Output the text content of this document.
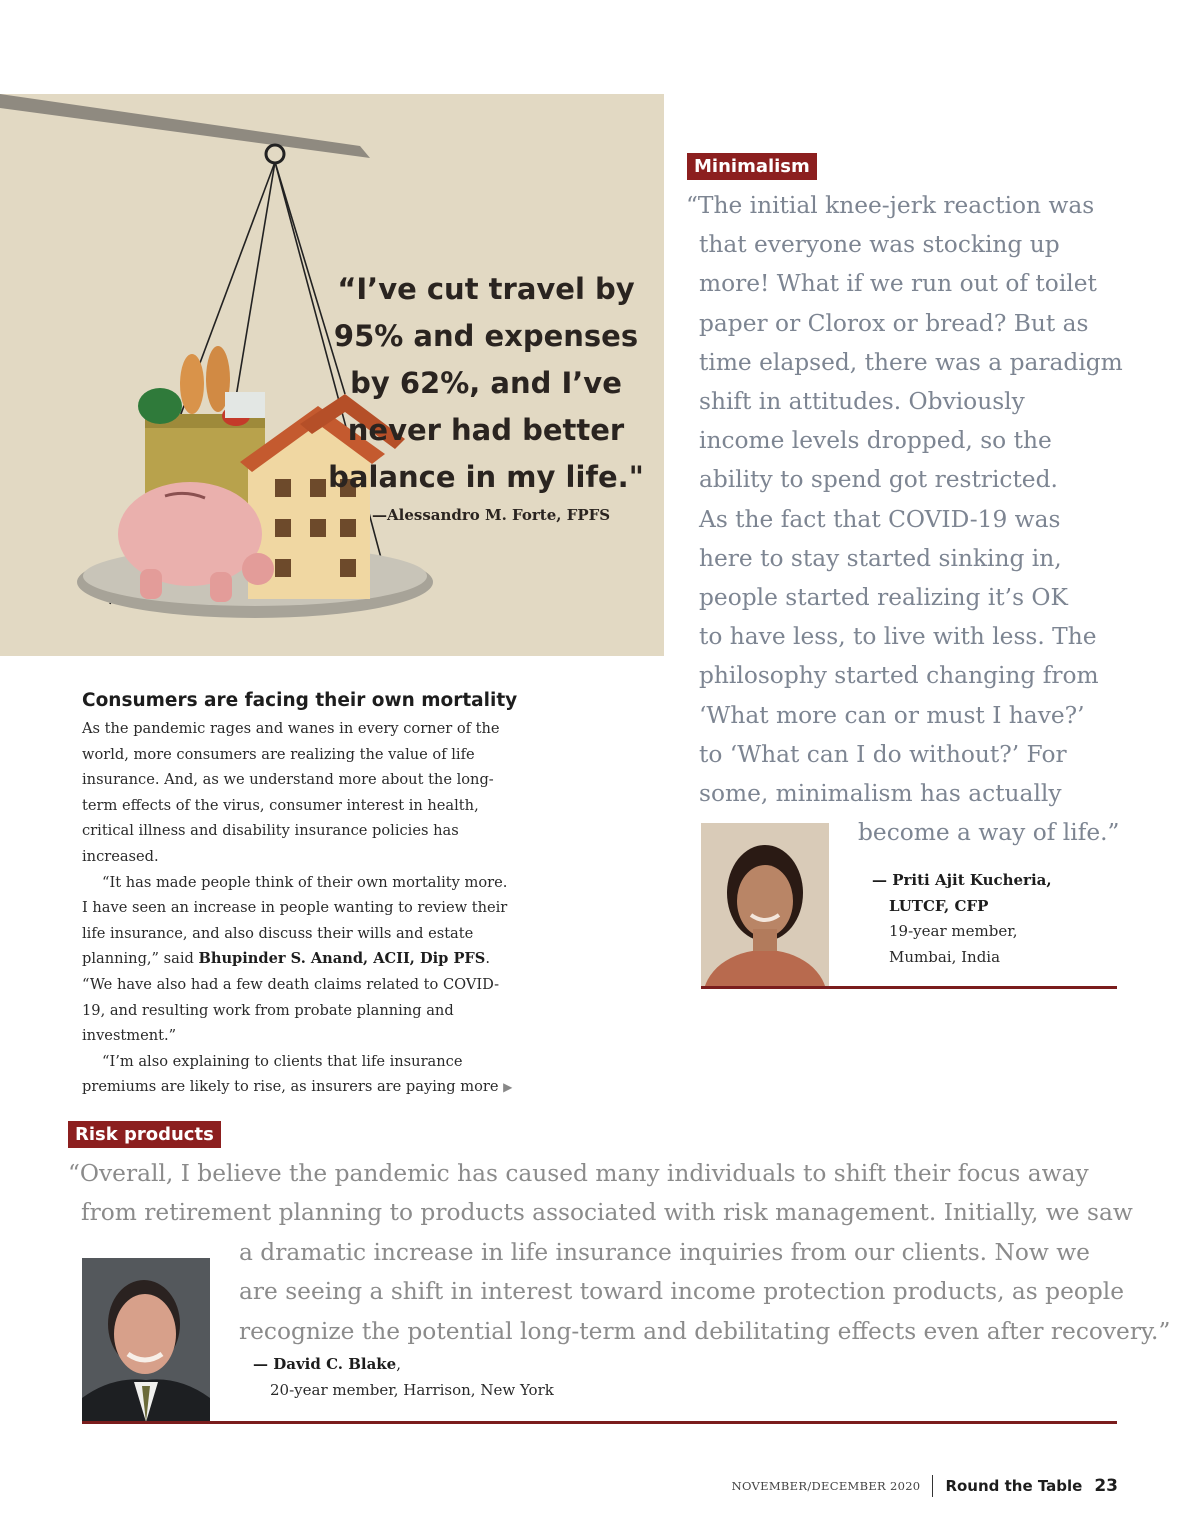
“I’ve cut travel by
95% and expenses
by 62%, and I’ve
never had better
balance in my life."
—Alessandro M. Forte, FPFS
Minimalism
“The initial knee-jerk reaction was
that everyone was stocking up
more! What if we run out of toilet
paper or Clorox or bread? But as
time elapsed, there was a paradigm
shift in attitudes. Obviously
income levels dropped, so the
ability to spend got restricted.
As the fact that COVID-19 was
here to stay started sinking in,
people started realizing it’s OK
to have less, to live with less. The
philosophy started changing from
‘What more can or must I have?’
to ‘What can I do without?’ For
some, minimalism has actually
become a way of life.”
— Priti Ajit Kucheria,
LUTCF, CFP
19-year member,
Mumbai, India
Consumers are facing their own mortality

As the pandemic rages and wanes in every corner of the world, more consumers are realizing the value of life insurance. And, as we understand more about the long-term effects of the virus, consumer interest in health, critical illness and disability insurance policies has increased.

“It has made people think of their own mortality more. I have seen an increase in people wanting to review their life insurance, and also discuss their wills and estate planning,” said Bhupinder S. Anand, ACII, Dip PFS. “We have also had a few death claims related to COVID-19, and resulting work from probate planning and investment.”

“I’m also explaining to clients that life insurance premiums are likely to rise, as insurers are paying more ▶

Risk products
“Overall, I believe the pandemic has caused many individuals to shift their focus away
from retirement planning to products associated with risk management. Initially, we saw
a dramatic increase in life insurance inquiries from our clients. Now we
are seeing a shift in interest toward income protection products, as people
recognize the potential long-term and debilitating effects even after recovery.”
— David C. Blake,
20-year member, Harrison, New York
NOVEMBER/DECEMBER 2020 Round the Table 23
